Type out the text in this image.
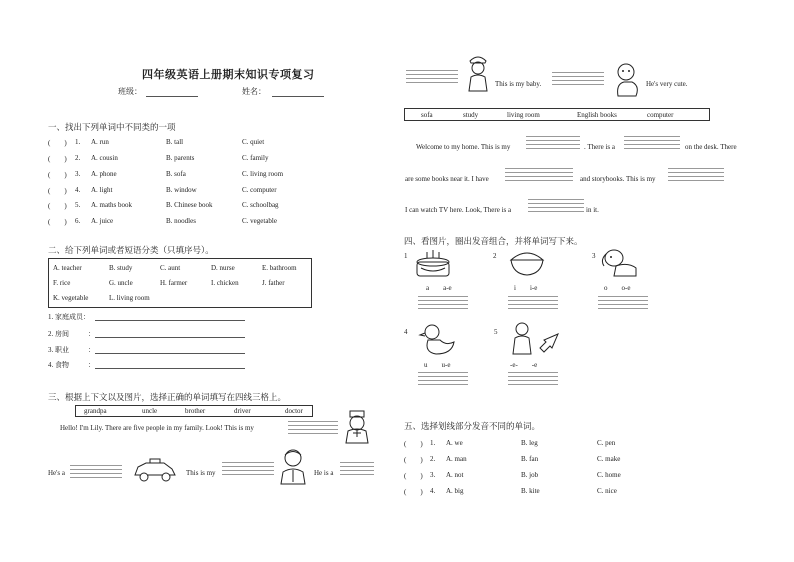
四年级英语上册期末知识专项复习
班级：	姓名：
一、找出下列单词中不同类的一项
(　　) 1. A. run	B. tall	C. quiet
(　　) 2. A. cousin	B. parents	C. family
(　　) 3. A. phone	B. sofa	C. living room
(　　) 4. A. light	B. window	C. computer
(　　) 5. A. maths book	B. Chinese book	C. schoolbag
(　　) 6. A. juice	B. noodles	C. vegetable
二、给下列单词或者短语分类（只填序号）。
A. teacher	B. study	C. aunt	D. nurse	E. bathroom
F. rice	G. uncle	H. farmer	I. chicken	J. father
K. vegetable	L. living room
1. 家庭成员：
2. 房间	：
3. 职业	：
4. 食物	：
三、根据上下文以及图片，选择正确的单词填写在四线三格上。
grandpa	uncle	brother	driver	doctor
Hello! I'm Lily. There are five people in my family. Look! This is my
He's a	This is my	He is a
This is my baby.	He's very cute.
sofa	study	living room	English books	computer
Welcome to my home. This is my	. There is a	on the desk. There
are some books near it. I have	and storybooks. This is my
I can watch TV here. Look, There is a	in it.
四、看图片，圈出发音组合，并将单词写下来。
1
a　　a-e
2
i　　i-e
3
o　　o-e
4
u　　u-e
5
-e-　　-e
五、选择划线部分发音不同的单词。
(　　) 1. A. we	B. leg	C. pen
(　　) 2. A. man	B. fan	C. make
(　　) 3. A. not	B. job	C. home
(　　) 4. A. big	B. kite	C. nice
